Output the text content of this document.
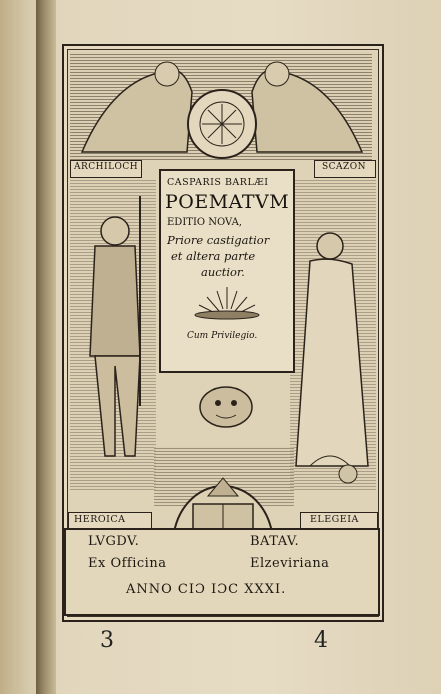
ARCHILOCH	SCAZON
CASPARIS BARLÆI
POEMATVM
EDITIO NOVA,
Priore castigatior
et altera parte
auctior.
Cum Privilegio.
HEROICA	ELEGEIA
LVGDV.	BATAV.
Ex Officina	Elzeviriana
ANNO CIƆ IƆC XXXI.
3	4
